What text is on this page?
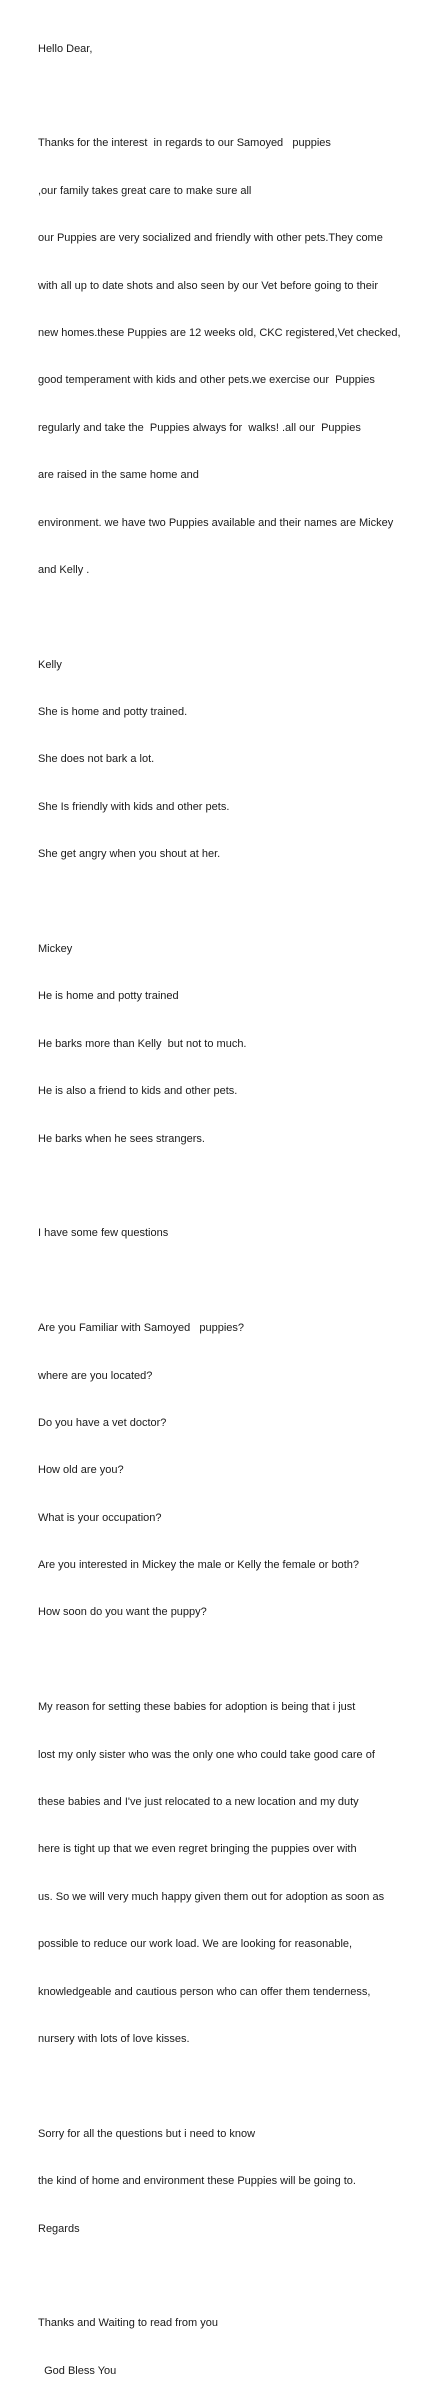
Hello Dear,

Thanks for the interest  in regards to our Samoyed   puppies

,our family takes great care to make sure all

our Puppies are very socialized and friendly with other pets.They come

with all up to date shots and also seen by our Vet before going to their

new homes.these Puppies are 12 weeks old, CKC registered,Vet checked,

good temperament with kids and other pets.we exercise our  Puppies

regularly and take the  Puppies always for  walks! .all our  Puppies

are raised in the same home and

environment. we have two Puppies available and their names are Mickey

and Kelly .

Kelly

She is home and potty trained.

She does not bark a lot.

She Is friendly with kids and other pets.

She get angry when you shout at her.

Mickey

He is home and potty trained

He barks more than Kelly  but not to much.

He is also a friend to kids and other pets.

He barks when he sees strangers.

I have some few questions

Are you Familiar with Samoyed   puppies?

where are you located?

Do you have a vet doctor?

How old are you?

What is your occupation?

Are you interested in Mickey the male or Kelly the female or both?

How soon do you want the puppy?

My reason for setting these babies for adoption is being that i just

lost my only sister who was the only one who could take good care of

these babies and I've just relocated to a new location and my duty

here is tight up that we even regret bringing the puppies over with

us. So we will very much happy given them out for adoption as soon as

possible to reduce our work load. We are looking for reasonable,

knowledgeable and cautious person who can offer them tenderness,

nursery with lots of love kisses.

Sorry for all the questions but i need to know

the kind of home and environment these Puppies will be going to.

Regards

Thanks and Waiting to read from you

God Bless You
